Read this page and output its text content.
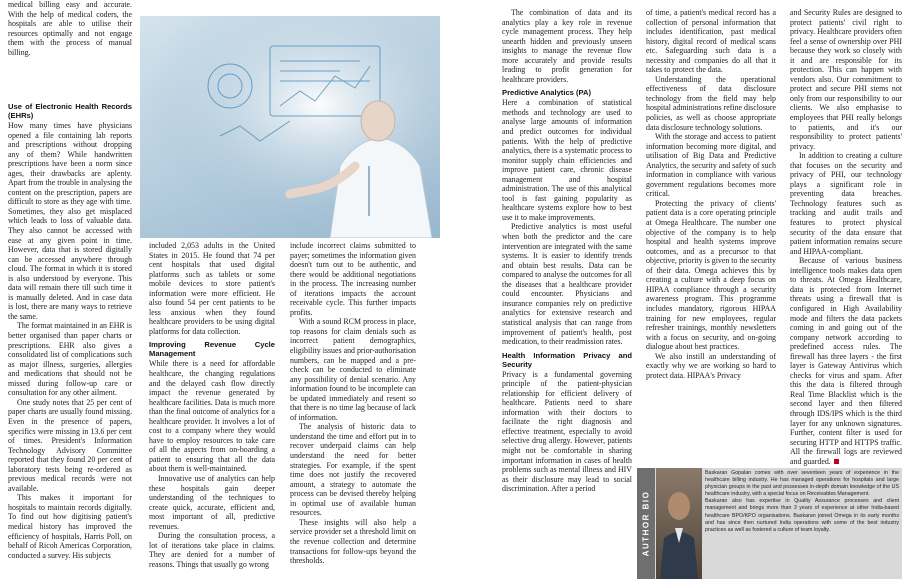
medical billing easy and accurate. With the help of medical coders, the hospitals are able to utilise their resources optimally and not engage them with the process of manual billing.

Use of Electronic Health Records (EHRs)

How many times have physicians opened a file containing lab reports and prescriptions without dropping any of them? While handwritten prescriptions have been a norm since ages, their drawbacks are aplenty. Apart from the trouble in analysing the content on the prescription, papers are difficult to store as they age with time. Sometimes, they also get misplaced which leads to loss of valuable data. They also cannot be accessed with ease at any given point in time. However, data that is stored digitally can be accessed anywhere through cloud. The format in which it is stored is also understood by everyone. This data will remain there till such time it is manually deleted. And in case data is lost, there are many ways to retrieve the same.

The format maintained in an EHR is better organised than paper charts or prescriptions. EHR also gives a consolidated list of complications such as major illness, surgeries, allergies and medications that should not be missed during follow-up care or consultation for any other ailment.

One study notes that 25 per cent of paper charts are usually found missing. Even in the presence of papers, specifics were missing in 13.6 per cent of times. President's Information Technology Advisory Committee reported that they found 20 per cent of laboratory tests being re-ordered as previous medical records were not available.

This makes it important for hospitals to maintain records digitally. To find out how digitising patient's medical history has improved the efficiency of hospitals, Harris Poll, on behalf of Ricoh Americas Corporation, conducted a survey. His subjects

included 2,053 adults in the United States in 2015. He found that 74 per cent hospitals that used digital platforms such as tablets or some mobile devices to store patient's information were more efficient. He also found 54 per cent patients to be less anxious when they found healthcare providers to be using digital platforms for data collection.

Improving Revenue Cycle Management

While there is a need for affordable healthcare, the changing regulations and the delayed cash flow directly impact the revenue generated by healthcare facilities. Data is much more than the final outcome of analytics for a healthcare provider. It involves a lot of cost to a company where they would have to employ resources to take care of all the aspects from on-boarding a patient to ensuring that all the data about them is well-maintained.

Innovative use of analytics can help these hospitals gain deeper understanding of the techniques to create quick, accurate, efficient and, most important of all, predictive revenues.

During the consultation process, a lot of iterations take place in claims. They are denied for a number of reasons. Things that usually go wrong

include incorrect claims submitted to payer; sometimes the information given doesn't turn out to be authentic, and there would be additional negotiations in the process. The increasing number of iterations impacts the account receivable cycle. This further impacts profits.

With a sound RCM process in place, top reasons for claim denials such as incorrect patient demographics, eligibility issues and prior-authorisation numbers, can be mapped and a pre-check can be conducted to eliminate any possibility of denial scenario. Any information found to be incomplete can be updated immediately and resent so that there is no time lag because of lack of information.

The analysis of historic data to understand the time and effort put in to recover underpaid claims can help understand the need for better strategies. For example, if the spent time does not justify the recovered amount, a strategy to automate the process can be devised thereby helping in optimal use of available human resources.

These insights will also help a service provider set a threshold limit on the revenue collection and determine transactions for follow-ups beyond the thresholds.

The combination of data and its analytics play a key role in revenue cycle management process. They help unearth hidden and previously unseen insights to manage the revenue flow more accurately and provide results leading to profit generation for healthcare providers.

Predictive Analytics (PA)

Here a combination of statistical methods and technology are used to analyse large amounts of information and predict outcomes for individual patients. With the help of predictive analytics, there is a systematic process to monitor supply chain efficiencies and improve patient care, chronic disease management and hospital administration. The use of this analytical tool is fast gaining popularity as healthcare systems explore how to best use it to make improvements.

Predictive analytics is most useful when both the predictor and the care intervention are integrated with the same systems. It is easier to identify trends and obtain best results. Data can be compared to analyse the outcomes for all the diseases that a healthcare provider could encounter. Physicians and insurance companies rely on predictive analytics for extensive research and statistical analysis that can range from improvement of patient's health, post medication, to their readmission rates.

Health Information Privacy and Security

Privacy is a fundamental governing principle of the patient-physician relationship for efficient delivery of healthcare. Patients need to share information with their doctors to facilitate the right diagnosis and effective treatment, especially to avoid selective drug allergy. However, patients might not be comfortable in sharing important information in cases of health problems such as mental illness and HIV as their disclosure may lead to social discrimination. After a period

of time, a patient's medical record has a collection of personal information that includes identification, past medical history, digital record of medical scans etc. Safeguarding such data is a necessity and companies do all that it takes to protect the data.

Understanding the operational effectiveness of data disclosure technology from the field may help hospital administrations refine disclosure policies, as well as choose appropriate data disclosure technology solutions.

With the storage and access to patient information becoming more digital, and utilisation of Big Data and Predictive Analytics, the security and safety of such information in compliance with various government regulations becomes more critical.

Protecting the privacy of clients' patient data is a core operating principle at Omega Healthcare. The number one objective of the company is to help hospital and health systems improve outcomes, and as a precursor to that objective, priority is given to the security of their data. Omega achieves this by creating a culture with a deep focus on HIPAA compliance through a security awareness program. This programme includes mandatory, rigorous HIPAA training for new employees, regular refresher trainings, monthly newsletters with a focus on security, and on-going dialogue about best practices.

We also instill an understanding of exactly why we are working so hard to protect data. HIPAA's Privacy

and Security Rules are designed to protect patients' civil right to privacy. Healthcare providers often feel a sense of ownership over PHI because they work so closely with it and are responsible for its protection. This can happen with vendors also. Our commitment to protect and secure PHI stems not only from our responsibility to our clients. We also emphasise to employees that PHI really belongs to patients, and it's our responsibility to protect patients' privacy.

In addition to creating a culture that focuses on the security and privacy of PHI, our technology plays a significant role in preventing data breaches. Technology features such as tracking and audit trails and features to protect physical security of the data ensure that patient information remains secure and HIPAA-compliant.

Because of various business intelligence tools makes data open to threats. At Omega Healthcare, data is protected from Internet threats using a firewall that is configured in High Availability mode and filters the data packets coming in and going out of the company network according to predefined access rules. The firewall has three layers - the first layer is Gateway Antivirus which checks for virus and spam. After this the data is filtered through Real Time Blacklist which is the second layer and then filtered through IDS/IPS which is the third layer for any unknown signatures. Further, content filter is used for securing HTTP and HTTPS traffic. All the firewall logs are reviewed and guarded.

AUTHOR BIO

Baskaran Gopalan comes with over seventeen years of experience in the healthcare billing industry. He has managed operations for hospitals and large physician groups in the past and possesses in-depth domain knowledge of the US healthcare industry, with a special focus on Receivables Management.

Baskaran also has expertise in Quality Assurance processes and client management and brings more than 3 years of experience at other India-based healthcare BPO/KPO organisations. Baskaran joined Omega in its early months and has since then nurtured India operations with some of the best industry practices as well as fostered a culture of team loyalty.
